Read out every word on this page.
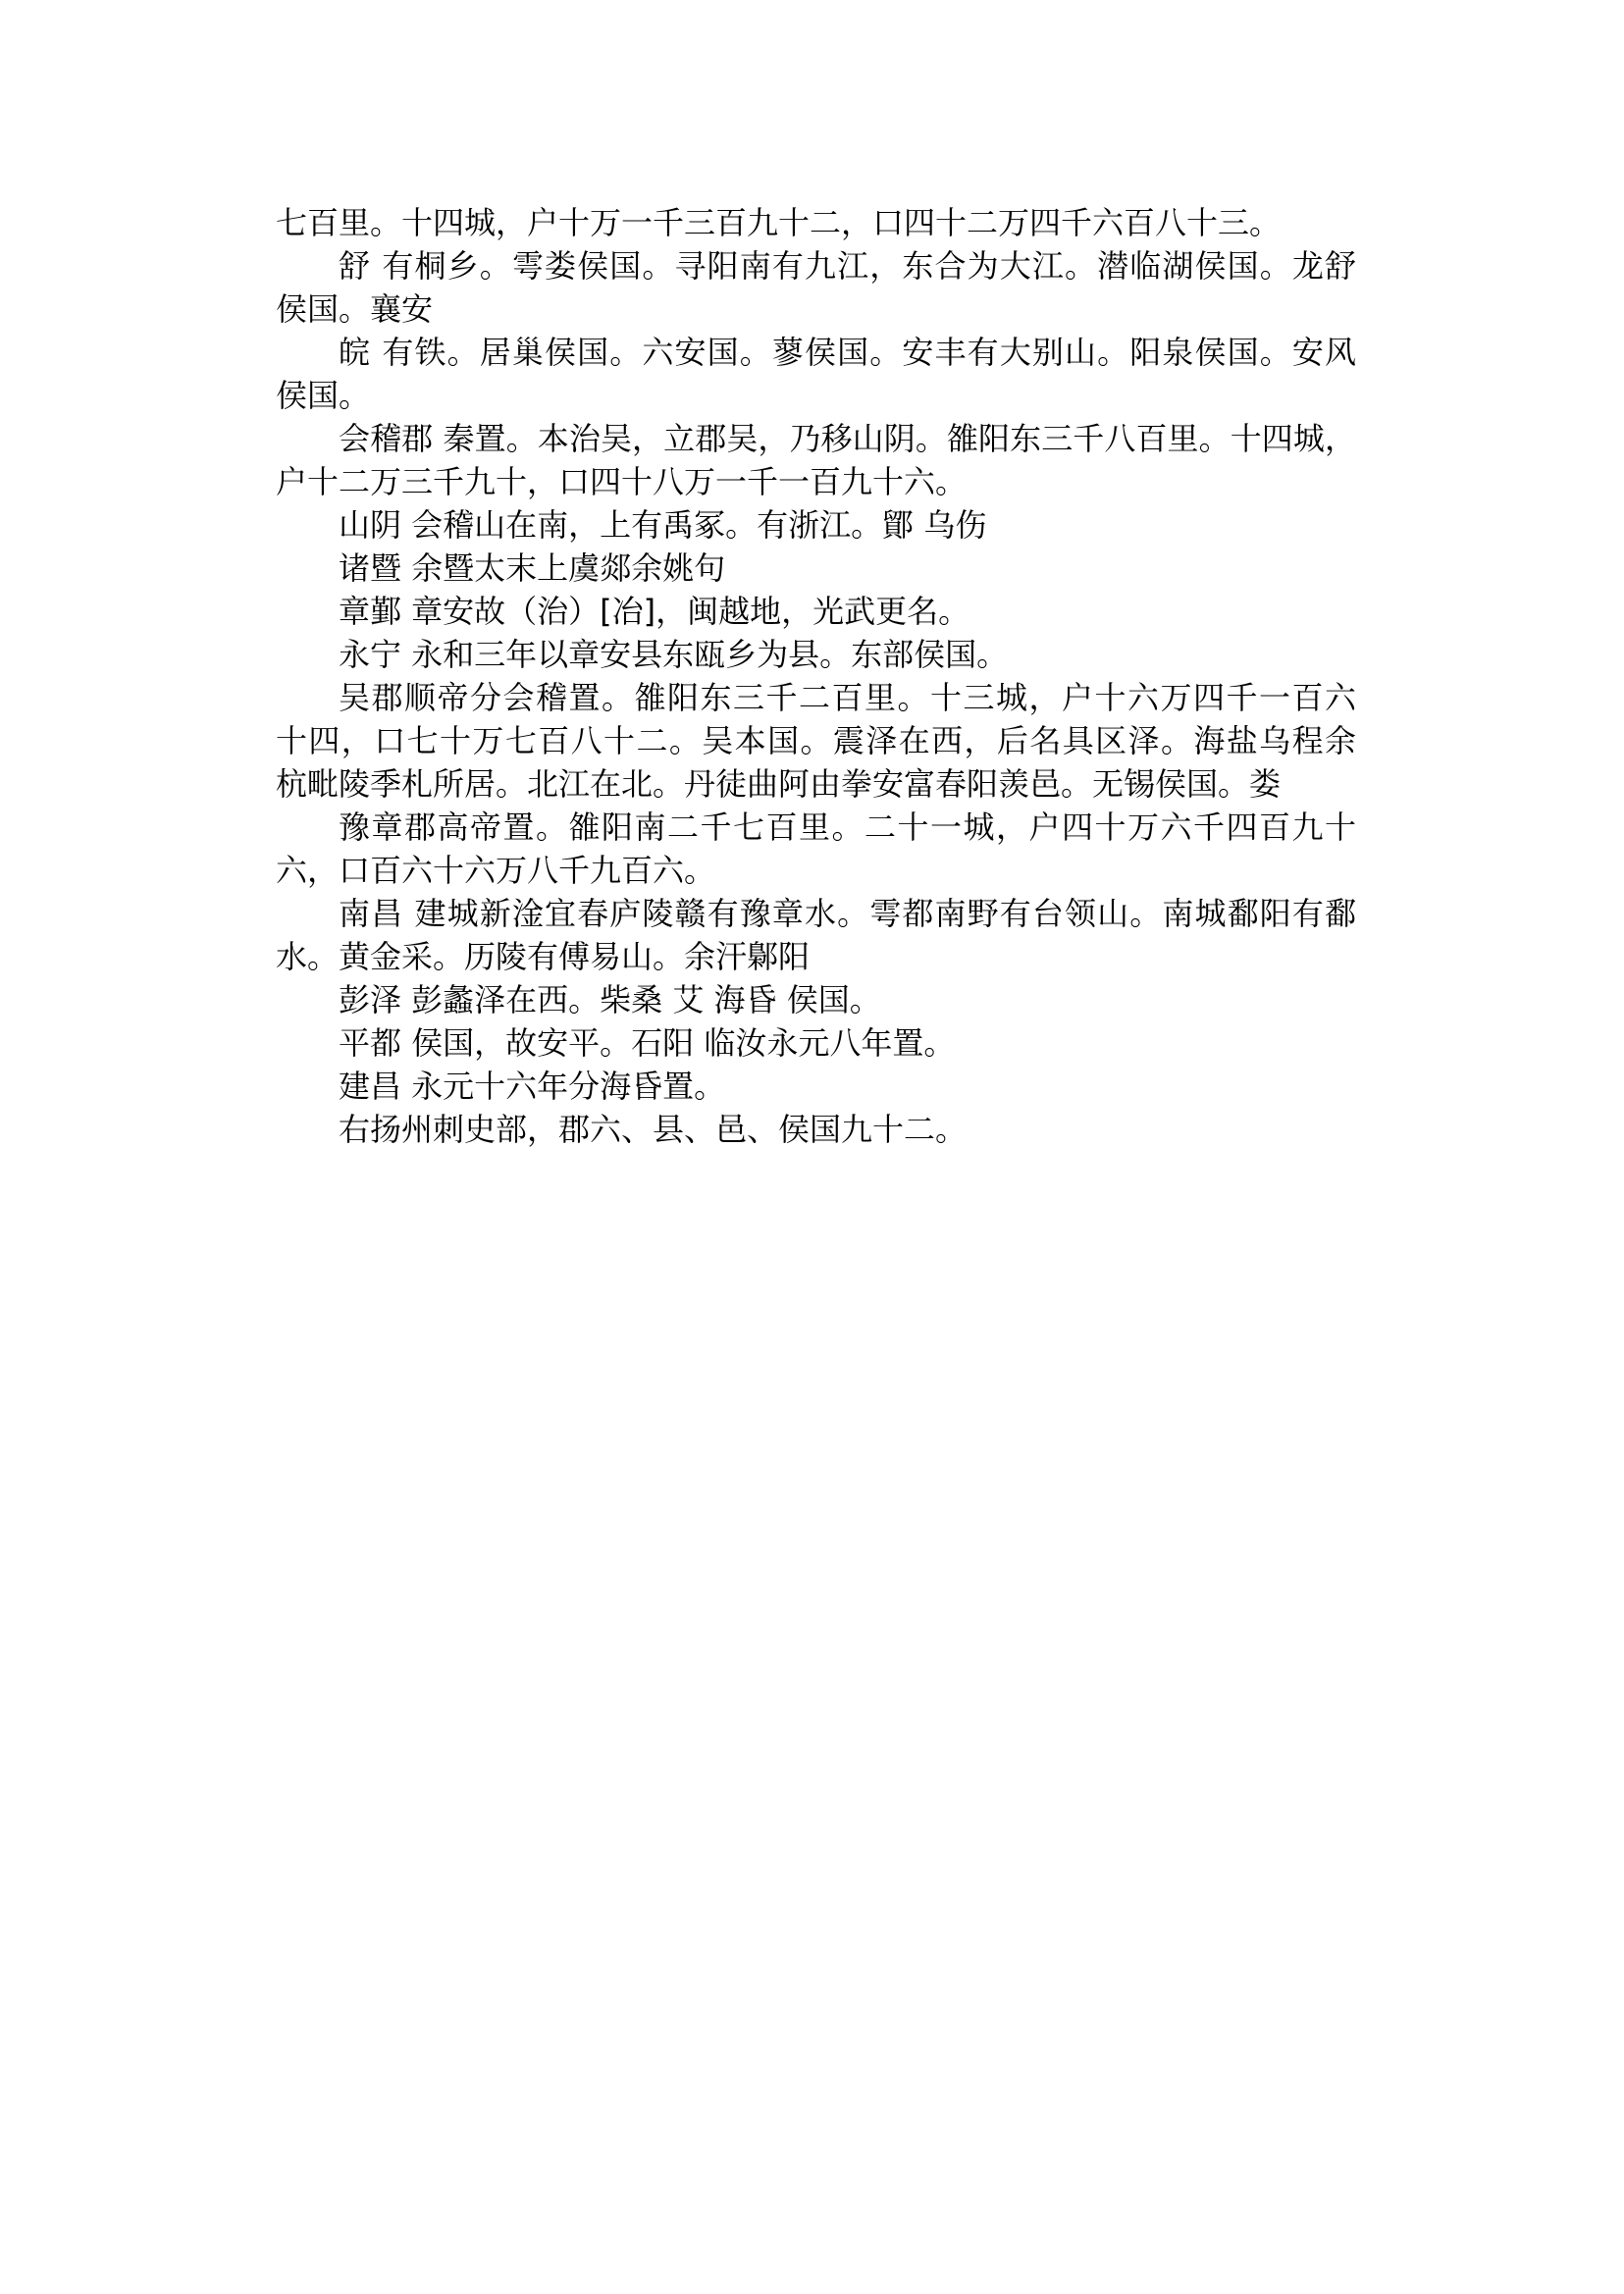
七百里。十四城，户十万一千三百九十二，口四十二万四千六百八十三。
舒 有桐乡。雩娄侯国。寻阳南有九江，东合为大江。潜临湖侯国。龙舒
侯国。襄安
皖 有铁。居巢侯国。六安国。蓼侯国。安丰有大别山。阳泉侯国。安风
侯国。
会稽郡 秦置。本治吴，立郡吴，乃移山阴。雒阳东三千八百里。十四城，
户十二万三千九十，口四十八万一千一百九十六。
山阴 会稽山在南，上有禹冢。有浙江。鄮 乌伤
诸暨 余暨太末上虞郯余姚句
章鄞 章安故（治）[冶]，闽越地，光武更名。
永宁 永和三年以章安县东瓯乡为县。东部侯国。
吴郡顺帝分会稽置。雒阳东三千二百里。十三城，户十六万四千一百六
十四，口七十万七百八十二。吴本国。震泽在西，后名具区泽。海盐乌程余
杭毗陵季札所居。北江在北。丹徒曲阿由拳安富春阳羡邑。无锡侯国。娄
豫章郡高帝置。雒阳南二千七百里。二十一城，户四十万六千四百九十
六，口百六十六万八千九百六。
南昌 建城新淦宜春庐陵赣有豫章水。雩都南野有台领山。南城鄱阳有鄱
水。黄金采。历陵有傅易山。余汗鄡阳
彭泽 彭蠡泽在西。柴桑 艾 海昏 侯国。
平都 侯国，故安平。石阳 临汝永元八年置。
建昌 永元十六年分海昏置。
右扬州刺史部，郡六、县、邑、侯国九十二。
